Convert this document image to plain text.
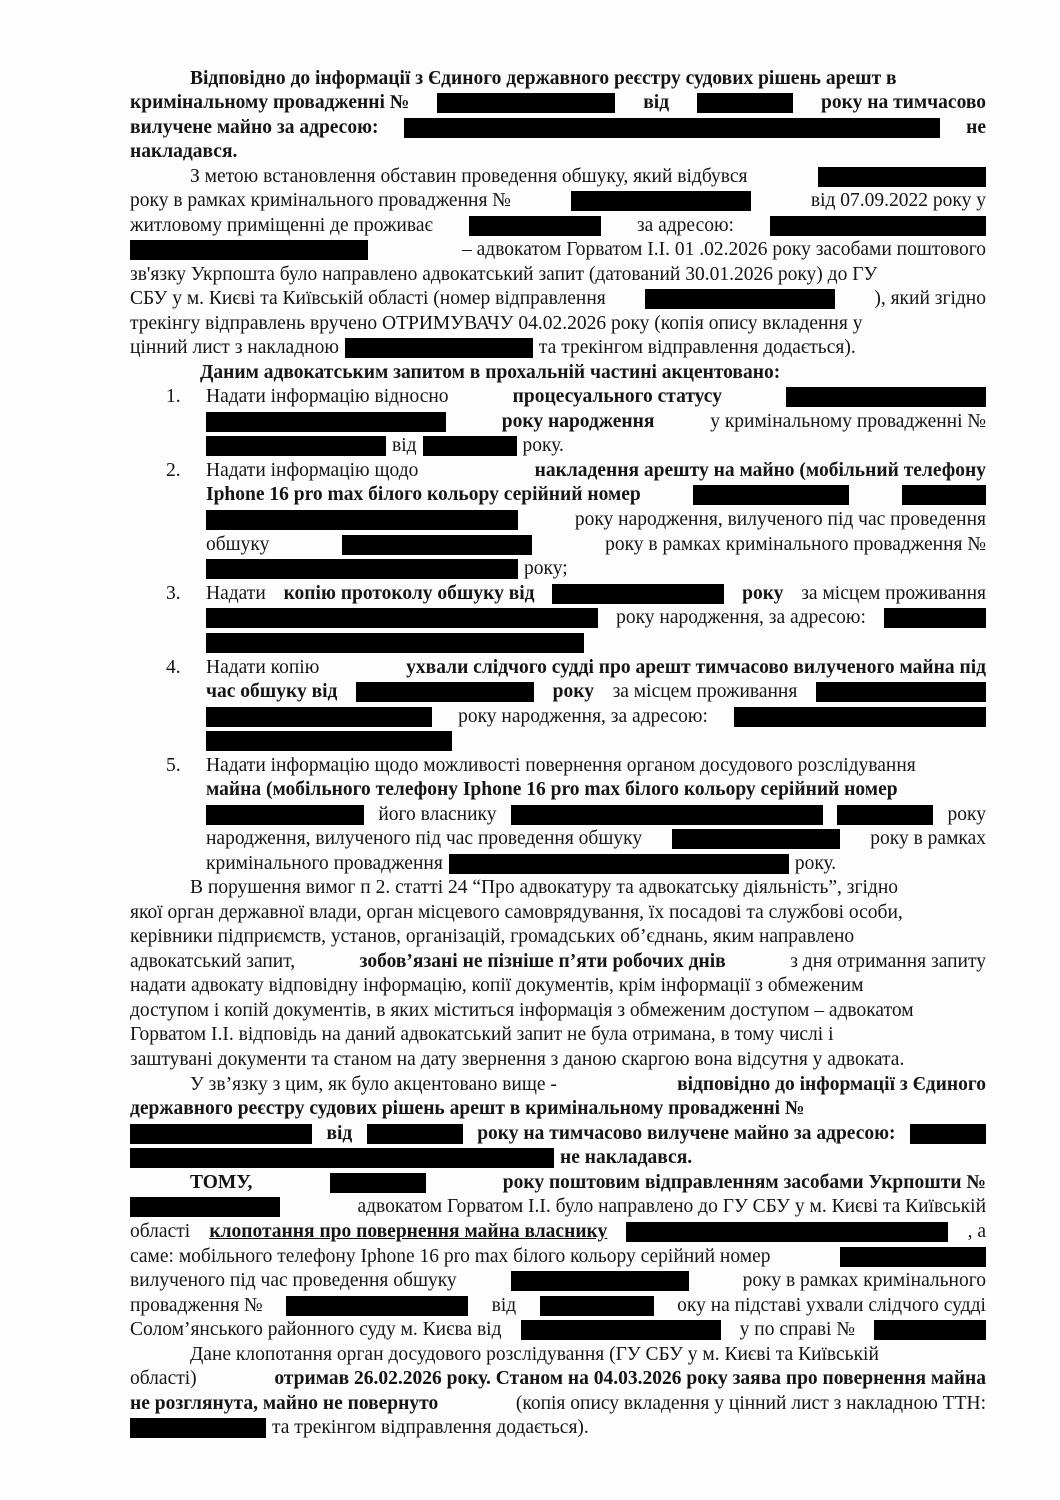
Відповідно до інформації з Єдиного державного реєстру судових рішень арешт в
кримінальному провадженні №	від	року на тимчасово
вилучене майно за адресою:	не
накладався.
З метою встановлення обставин проведення обшуку, який відбувся
року в рамках кримінального провадження №	від 07.09.2022 року у
житловому приміщенні де проживає	за адресою:
– адвокатом Горватом І.І. 01 .02.2026 року засобами поштового
зв'язку Укрпошта було направлено адвокатський запит (датований 30.01.2026 року) до ГУ
СБУ у м. Києві та Київській області (номер відправлення	), який згідно
трекінгу відправлень вручено ОТРИМУВАЧУ 04.02.2026 року (копія опису вкладення у
цінний лист з накладною	та трекінгом відправлення додається).
Даним адвокатським запитом в прохальній частині акцентовано:
1. Надати інформацію відносно	процесуального статусу
року народження	у кримінальному провадженні №
від	року.
2. Надати інформацію щодо	накладення арешту на майно (мобільний телефону
Iphone 16 pro max білого кольору серійний номер
року народження, вилученого під час проведення
обшуку	року в рамках кримінального провадження №
року;
3. Надати копію протоколу обшуку від	року за місцем проживання
року народження, за адресою:
4. Надати копію	ухвали слідчого судді про арешт тимчасово вилученого майна під
час обшуку від	року за місцем проживання
року народження, за адресою:
5. Надати інформацію щодо можливості повернення органом досудового розслідування
майна (мобільного телефону Iphone 16 pro max білого кольору серійний номер
його власнику	року
народження, вилученого під час проведення обшуку	року в рамках
кримінального провадження	року.
В порушення вимог п 2. статті 24 “Про адвокатуру та адвокатську діяльність”, згідно
якої орган державної влади, орган місцевого самоврядування, їх посадові та службові особи,
керівники підприємств, установ, організацій, громадських об’єднань, яким направлено
адвокатський запит,	зобов’язані не пізніше п’яти робочих днів	з дня отримання запиту
надати адвокату відповідну інформацію, копії документів, крім інформації з обмеженим
доступом і копій документів, в яких міститься інформація з обмеженим доступом – адвокатом
Горватом І.І. відповідь на даний адвокатський запит не була отримана, в тому числі і
заштувані документи та станом на дату звернення з даною скаргою вона відсутня у адвоката.
У зв’язку з цим, як було акцентовано вище -	відповідно до інформації з Єдиного
державного реєстру судових рішень арешт в кримінальному провадженні №
від	року на тимчасово вилучене майно за адресою:
не накладався.
ТОМУ,	року поштовим відправленням засобами Укрпошти №
адвокатом Горватом І.І. було направлено до ГУ СБУ у м. Києві та Київській
області клопотання про повернення майна власнику	, а
саме: мобільного телефону Iphone 16 pro max білого кольору серійний номер
вилученого під час проведення обшуку	року в рамках кримінального
провадження №	від	оку на підставі ухвали слідчого судді
Солом’янського районного суду м. Києва від	у по справі №
Дане клопотання орган досудового розслідування (ГУ СБУ у м. Києві та Київській
області)	отримав 26.02.2026 року. Станом на 04.03.2026 року заява про повернення майна
не розглянута, майно не повернуто	(копія опису вкладення у цінний лист з накладною ТТН:
та трекінгом відправлення додається).
